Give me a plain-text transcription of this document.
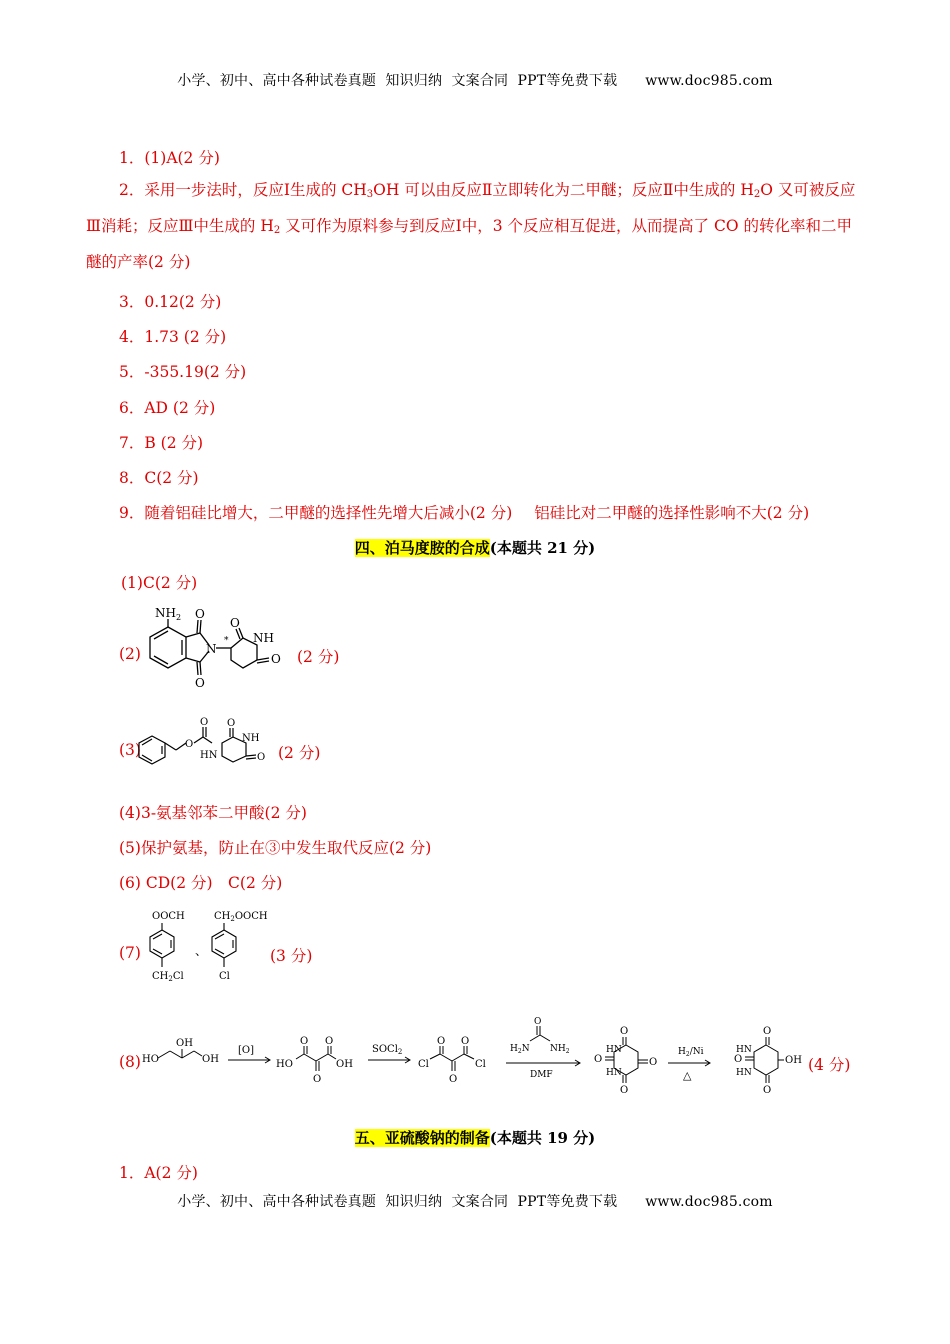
小学、初中、高中各种试卷真题  知识归纳  文案合同  PPT等免费下载 www.doc985.com
1．(1)A(2 分)
2．采用一步法时，反应Ⅰ生成的 $CH_3OH$ 可以由反应Ⅱ立即转化为二甲醚；反应Ⅱ中生成的 $H_2O$ 又可被反应Ⅲ消耗；反应Ⅲ中生成的 $H_2$ 又可作为原料参与到反应Ⅰ中，3 个反应相互促进，从而提高了 CO 的转化率和二甲醚的产率(2 分)
3．0.12(2 分)
4．1.73 (2 分)
5．-355.19(2 分)
6．AD (2 分)
7．B (2 分)
8．C(2 分)
9．随着铝硅比增大，二甲醚的选择性先增大后减小(2 分) 铝硅比对二甲醚的选择性影响不大(2 分)
四、泊马度胺的合成(本题共 21 分)
(1)C(2 分)
(2)
$NH_2$ O
O
N
*
O
NH
O (2 分)
(3)	O
O
HN
O
NH
O (2 分)
(4)3-氨基邻苯二甲酸(2 分)
(5)保护氨基，防止在③中发生取代反应(2 分)
(6) CD(2 分)　C(2 分)
(7)
OOCH
$CH_2Cl$
、
$CH_2OOCH$
Cl
(3 分)
(8) HO
OH
OH
[O]
HO
O O
O
OH
SOCl$_2$
Cl
O O
O
Cl
$H_2N$
O
$NH_2$
DMF
HN
HN
O
O
O	O
$H_2/Ni$
△
HN
HN
O
O
O	OH (4 分)
五、亚硫酸钠的制备(本题共 19 分)
1．A(2 分)
小学、初中、高中各种试卷真题  知识归纳  文案合同  PPT等免费下载 www.doc985.com
